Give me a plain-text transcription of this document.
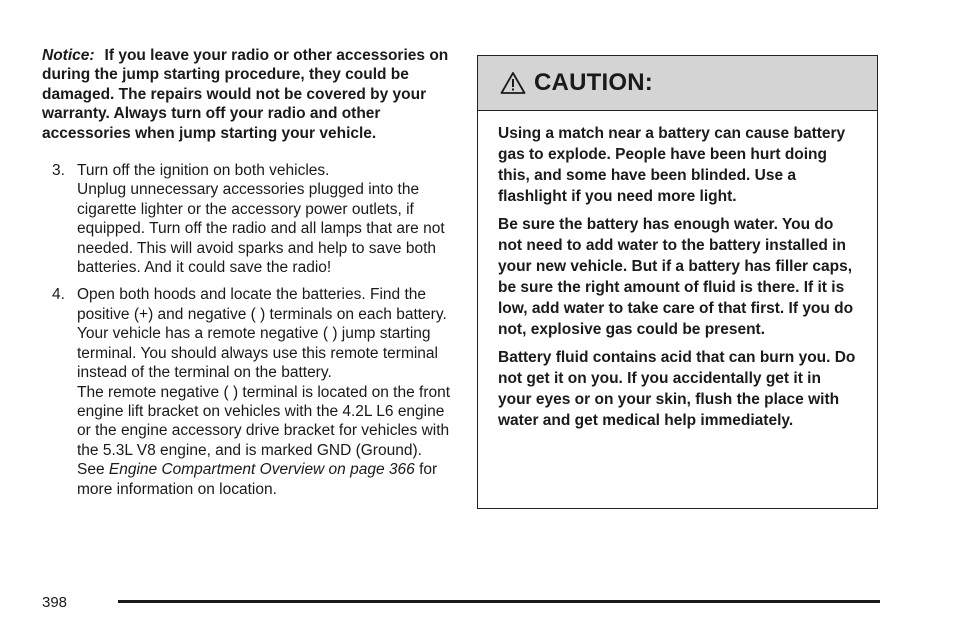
Notice: If you leave your radio or other accessories on during the jump starting procedure, they could be damaged. The repairs would not be covered by your warranty. Always turn off your radio and other accessories when jump starting your vehicle.

3. Turn off the ignition on both vehicles.

Unplug unnecessary accessories plugged into the cigarette lighter or the accessory power outlets, if equipped. Turn off the radio and all lamps that are not needed. This will avoid sparks and help to save both batteries. And it could save the radio!

4. Open both hoods and locate the batteries. Find the positive (+) and negative ( ) terminals on each battery. Your vehicle has a remote negative ( ) jump starting terminal. You should always use this remote terminal instead of the terminal on the battery.

The remote negative ( ) terminal is located on the front engine lift bracket on vehicles with the 4.2L L6 engine or the engine accessory drive bracket for vehicles with the 5.3L V8 engine, and is marked GND (Ground).

See Engine Compartment Overview on page 366 for more information on location.

CAUTION:

Using a match near a battery can cause battery gas to explode. People have been hurt doing this, and some have been blinded. Use a flashlight if you need more light.

Be sure the battery has enough water. You do not need to add water to the battery installed in your new vehicle. But if a battery has filler caps, be sure the right amount of fluid is there. If it is low, add water to take care of that first. If you do not, explosive gas could be present.

Battery fluid contains acid that can burn you. Do not get it on you. If you accidentally get it in your eyes or on your skin, flush the place with water and get medical help immediately.

398
